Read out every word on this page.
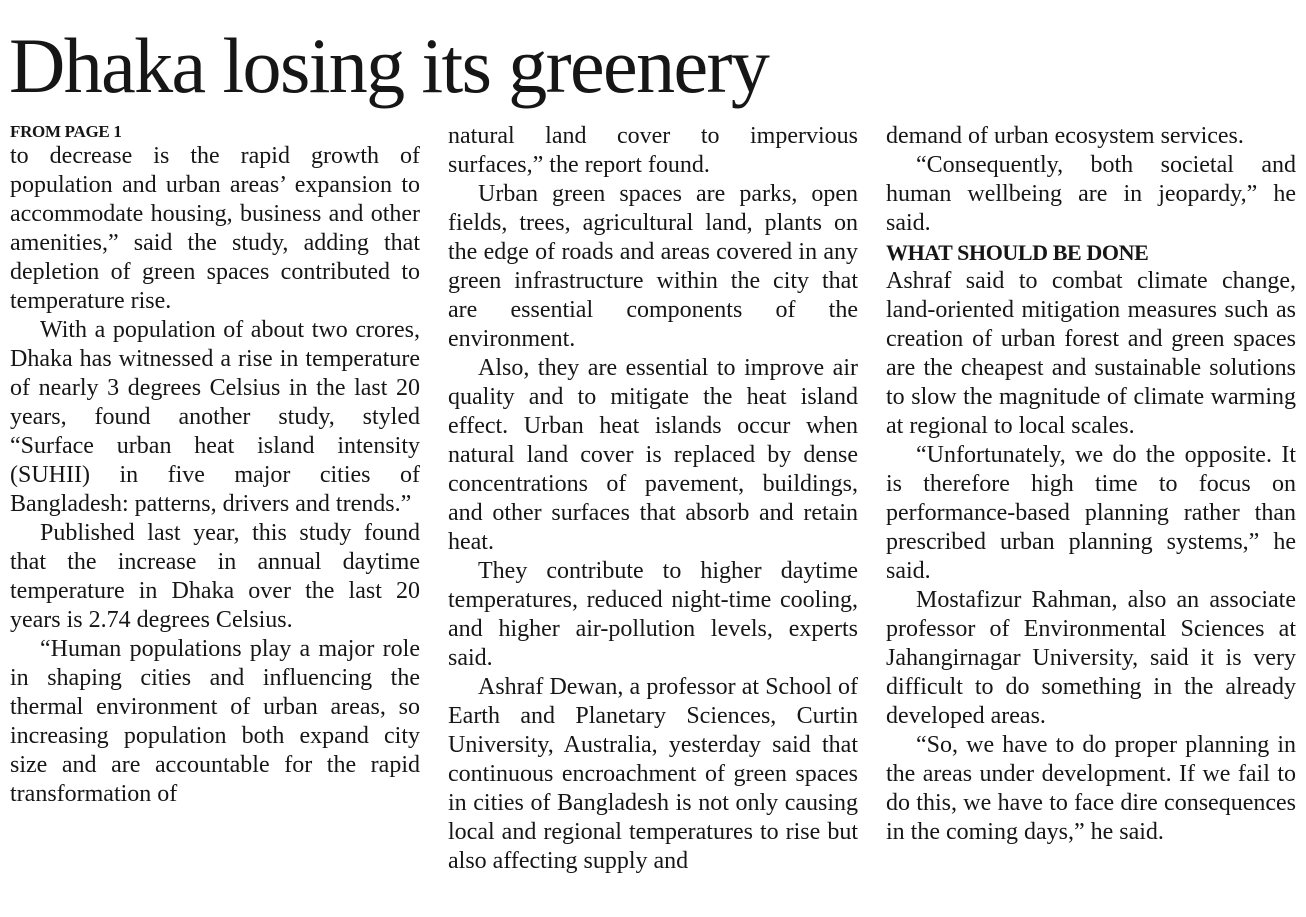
Dhaka losing its greenery
FROM PAGE 1

to decrease is the rapid growth of population and urban areas’ expansion to accommodate housing, business and other amenities,” said the study, adding that depletion of green spaces contributed to temperature rise.

With a population of about two crores, Dhaka has witnessed a rise in temperature of nearly 3 degrees Celsius in the last 20 years, found another study, styled “Surface urban heat island intensity (SUHII) in five major cities of Bangladesh: patterns, drivers and trends.”

Published last year, this study found that the increase in annual daytime temperature in Dhaka over the last 20 years is 2.74 degrees Celsius.

“Human populations play a major role in shaping cities and influencing the thermal environment of urban areas, so increasing population both expand city size and are accountable for the rapid transformation of

natural land cover to impervious surfaces,” the report found.

Urban green spaces are parks, open fields, trees, agricultural land, plants on the edge of roads and areas covered in any green infrastructure within the city that are essential components of the environment.

Also, they are essential to improve air quality and to mitigate the heat island effect. Urban heat islands occur when natural land cover is replaced by dense concentrations of pavement, buildings, and other surfaces that absorb and retain heat.

They contribute to higher daytime temperatures, reduced night-time cooling, and higher air-pollution levels, experts said.

Ashraf Dewan, a professor at School of Earth and Planetary Sciences, Curtin University, Australia, yesterday said that continuous encroachment of green spaces in cities of Bangladesh is not only causing local and regional temperatures to rise but also affecting supply and

demand of urban ecosystem services.

“Consequently, both societal and human wellbeing are in jeopardy,” he said.

WHAT SHOULD BE DONE

Ashraf said to combat climate change, land-oriented mitigation measures such as creation of urban forest and green spaces are the cheapest and sustainable solutions to slow the magnitude of climate warming at regional to local scales.

“Unfortunately, we do the opposite. It is therefore high time to focus on performance-based planning rather than prescribed urban planning systems,” he said.

Mostafizur Rahman, also an associate professor of Environmental Sciences at Jahangirnagar University, said it is very difficult to do something in the already developed areas.

“So, we have to do proper planning in the areas under development. If we fail to do this, we have to face dire consequences in the coming days,” he said.
